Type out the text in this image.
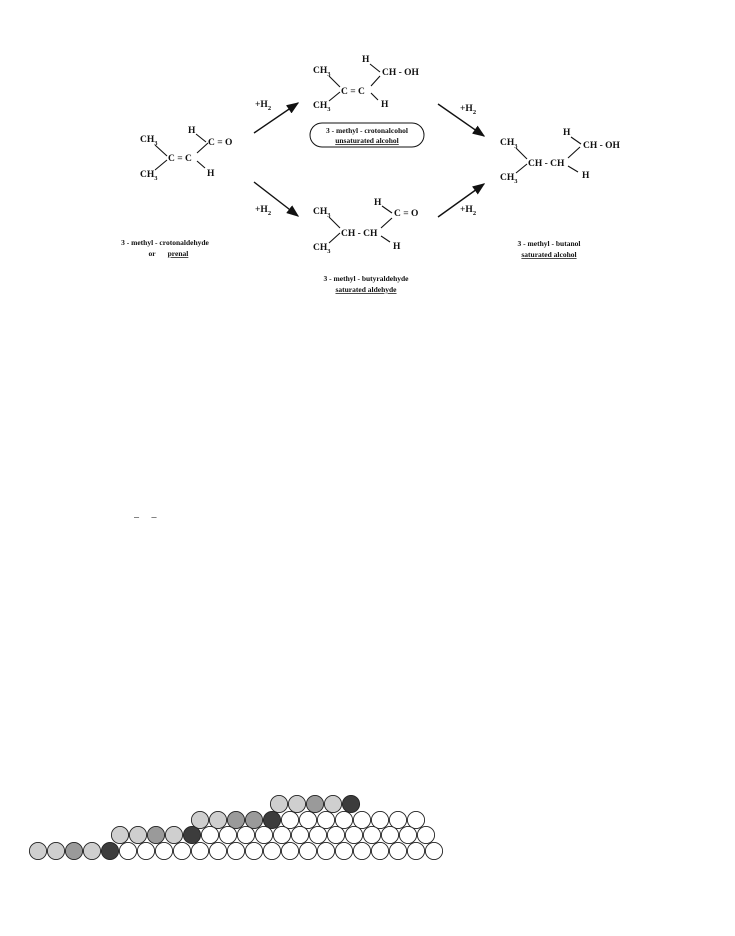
$CH_3$
$CH_3$
C = C
H
C = O
H
3 - methyl - crotonaldehyde
or prenal
$+H_2$
$+H_2$
$+H_2$
$+H_2$
$CH_3$
$CH_3$
C = C
H
CH - OH
H
3 - methyl - crotonalcohol
unsaturated alcohol
$CH_3$
$CH_3$
CH - CH
H
C = O
H
3 - methyl - butyraldehyde
saturated aldehyde
$CH_3$
$CH_3$
CH - CH
H
CH - OH
H
3 - methyl - butanol
saturated alcohol
_     _
